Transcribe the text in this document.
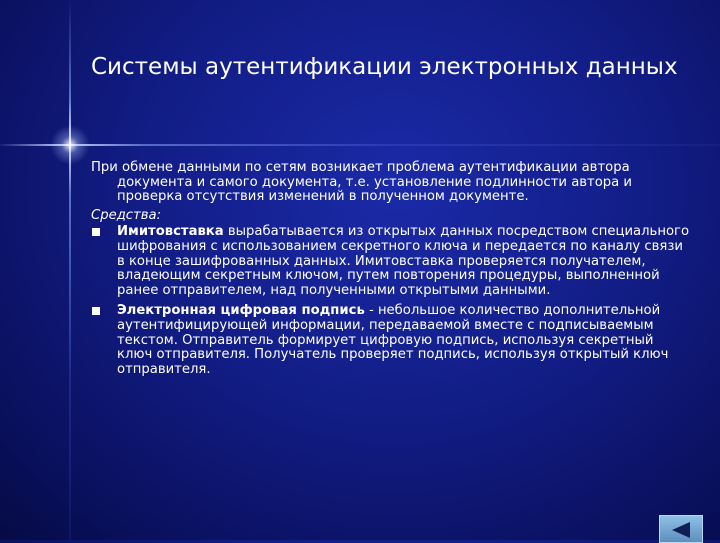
Системы аутентификации электронных данных

При обмене данными по сетям возникает проблема аутентификации автора документа и самого документа, т.е. установление подлинности автора и проверка отсутствия изменений в полученном документе.

Средства:

Имитовставка вырабатывается из открытых данных посредством специального шифрования с использованием секретного ключа и передается по каналу связи в конце зашифрованных данных. Имитовставка проверяется получателем, владеющим секретным ключом, путем повторения процедуры, выполненной ранее отправителем, над полученными открытыми данными.
Электронная цифровая подпись - небольшое количество дополнительной аутентифицирующей информации, передаваемой вместе с подписываемым текстом. Отправитель формирует цифровую подпись, используя секретный ключ отправителя. Получатель проверяет подпись, используя открытый ключ отправителя.
